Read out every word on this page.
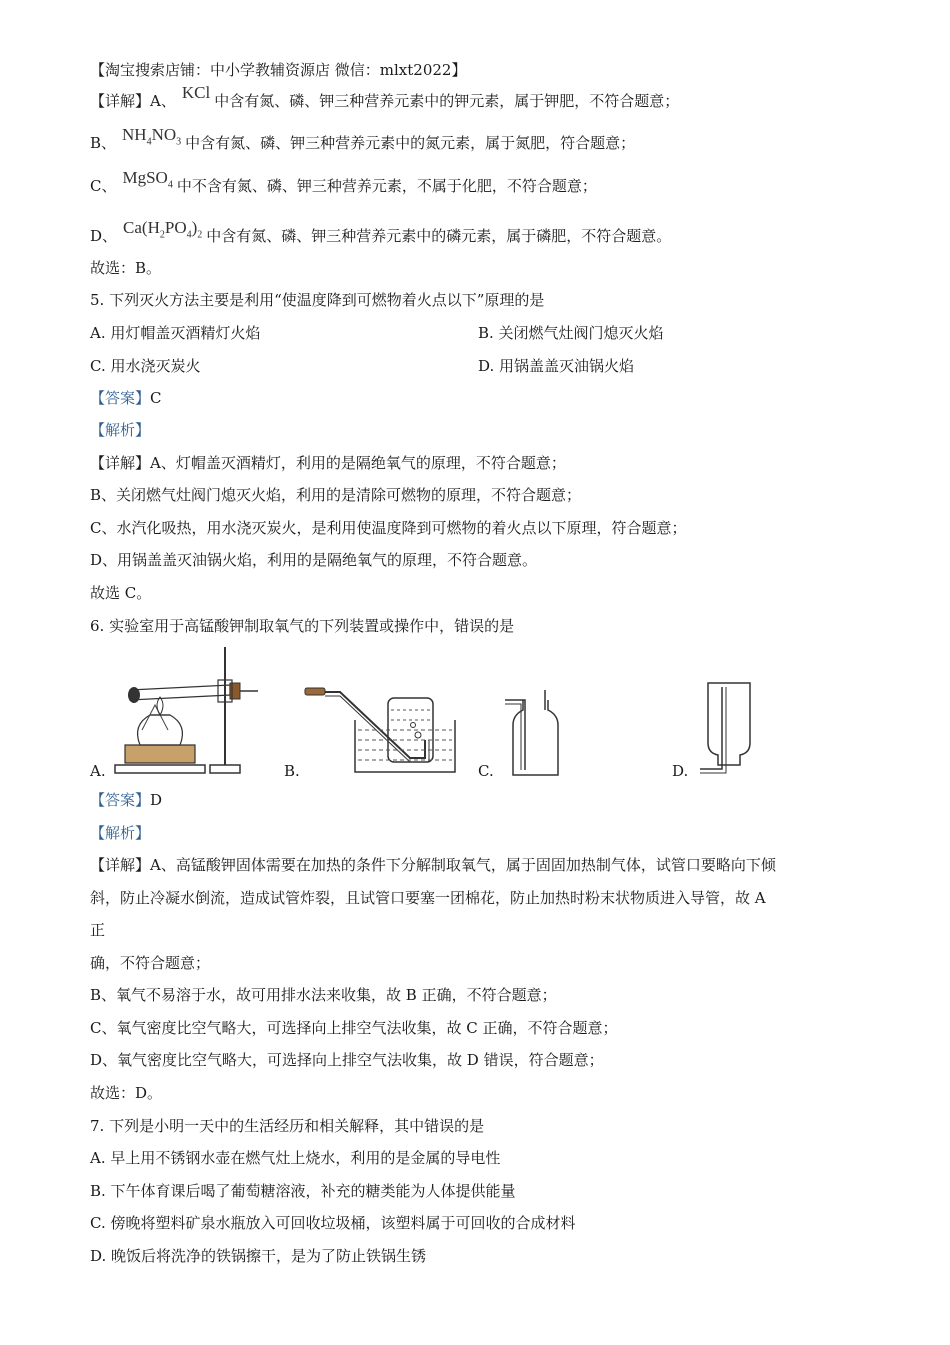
【淘宝搜索店铺：中小学教辅资源店 微信：mlxt2022】
【详解】A、 KCl 中含有氮、磷、钾三种营养元素中的钾元素，属于钾肥，不符合题意；
B、 $NH_4NO_3$ 中含有氮、磷、钾三种营养元素中的氮元素，属于氮肥，符合题意；
C、 MgSO$_4$ 中不含有氮、磷、钾三种营养元素，不属于化肥，不符合题意；
D、 $Ca(H_2PO_4)_2$ 中含有氮、磷、钾三种营养元素中的磷元素，属于磷肥，不符合题意。
故选：B。
5. 下列灭火方法主要是利用“使温度降到可燃物着火点以下”原理的是
A. 用灯帽盖灭酒精灯火焰	B. 关闭燃气灶阀门熄灭火焰
C. 用水浇灭炭火	D. 用锅盖盖灭油锅火焰
【答案】C
【解析】
【详解】A、灯帽盖灭酒精灯，利用的是隔绝氧气的原理，不符合题意；
B、关闭燃气灶阀门熄灭火焰，利用的是清除可燃物的原理，不符合题意；
C、水汽化吸热，用水浇灭炭火，是利用使温度降到可燃物的着火点以下原理，符合题意；
D、用锅盖盖灭油锅火焰，利用的是隔绝氧气的原理，不符合题意。
故选 C。
6. 实验室用于高锰酸钾制取氧气的下列装置或操作中，错误的是
A.	B.	C.	D.
【答案】D
【解析】
【详解】A、高锰酸钾固体需要在加热的条件下分解制取氧气，属于固固加热制气体，试管口要略向下倾
斜，防止冷凝水倒流，造成试管炸裂，且试管口要塞一团棉花，防止加热时粉末状物质进入导管，故 A
正
确，不符合题意；
B、氧气不易溶于水，故可用排水法来收集，故 B 正确，不符合题意；
C、氧气密度比空气略大，可选择向上排空气法收集，故 C 正确，不符合题意；
D、氧气密度比空气略大，可选择向上排空气法收集，故 D 错误，符合题意；
故选：D。
7. 下列是小明一天中的生活经历和相关解释，其中错误的是
A. 早上用不锈钢水壶在燃气灶上烧水，利用的是金属的导电性
B. 下午体育课后喝了葡萄糖溶液，补充的糖类能为人体提供能量
C. 傍晚将塑料矿泉水瓶放入可回收垃圾桶，该塑料属于可回收的合成材料
D. 晚饭后将洗净的铁锅擦干，是为了防止铁锅生锈
